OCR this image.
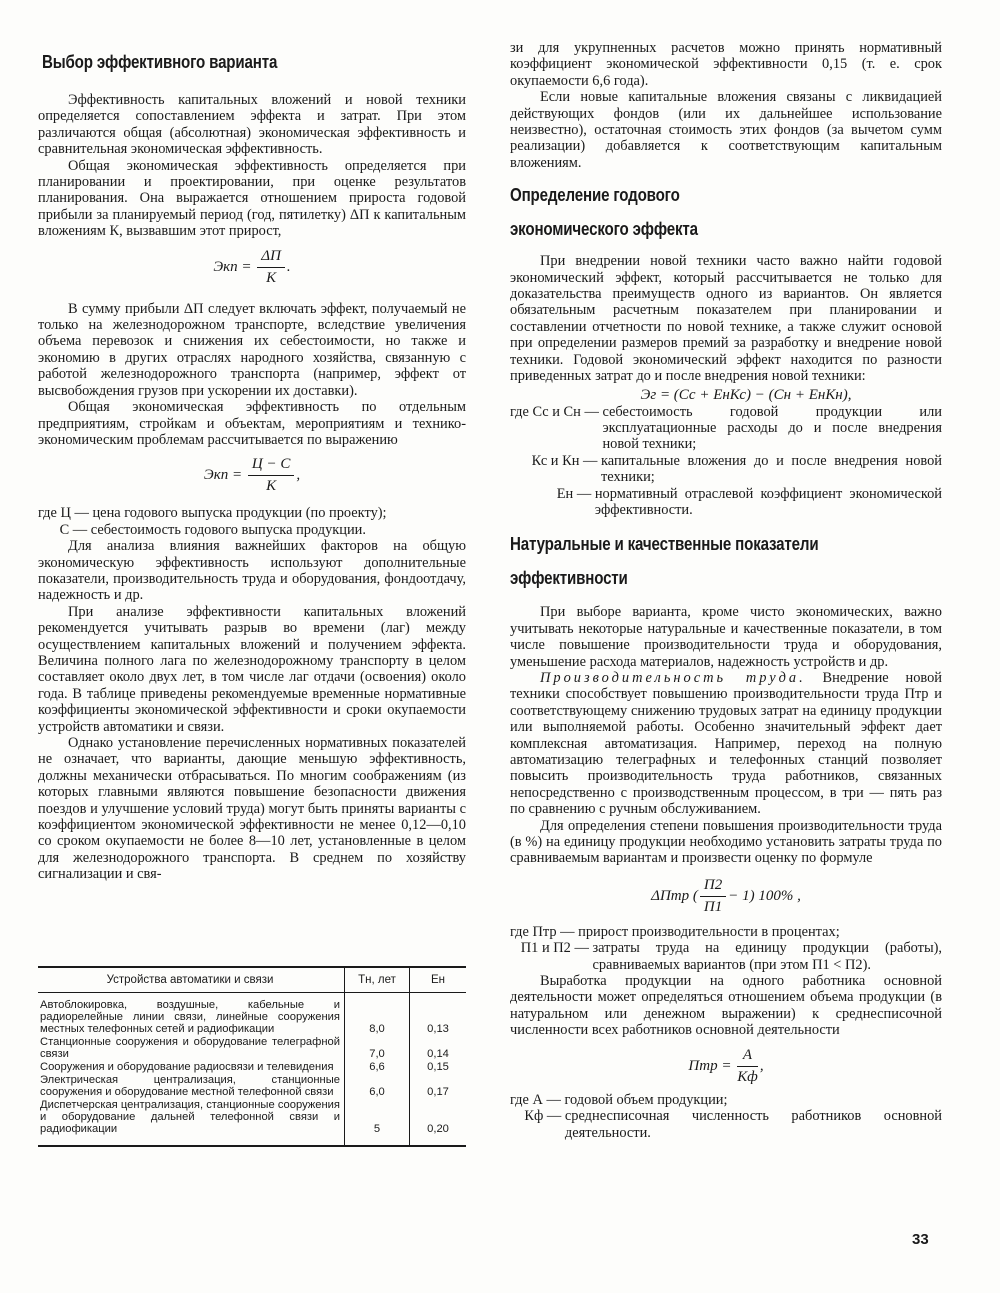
Выбор эффективного варианта

Эффективность капитальных вложений и новой техники определяется сопоставлением эффекта и затрат. При этом различаются общая (абсолютная) экономическая эффективность и сравнительная экономическая эффективность.

Общая экономическая эффективность определяется при планировании и проектировании, при оценке результатов планирования. Она выражается отношением прироста годовой прибыли за планируемый период (год, пятилетку) ΔП к капитальным вложениям К, вызвавшим этот прирост,

Экп = $\frac{\Delta П}{К}$ .

В сумму прибыли ΔП следует включать эффект, получаемый не только на железнодорожном транспорте, вследствие увеличения объема перевозок и снижения их себестоимости, но также и экономию в других отраслях народного хозяйства, связанную с работой железнодорожного транспорта (например, эффект от высвобождения грузов при ускорении их доставки).

Общая экономическая эффективность по отдельным предприятиям, стройкам и объектам, мероприятиям и технико-экономическим проблемам рассчитывается по выражению

Экп = $\frac{Ц - С}{К}$ ,
где Ц — цена годового выпуска продукции (по проекту);
С — себестоимость годового выпуска продукции.

Для анализа влияния важнейших факторов на общую экономическую эффективность используют дополнительные показатели, производительность труда и оборудования, фондоотдачу, надежность и др.

При анализе эффективности капитальных вложений рекомендуется учитывать разрыв во времени (лаг) между осуществлением капитальных вложений и получением эффекта. Величина полного лага по железнодорожному транспорту в целом составляет около двух лет, в том числе лаг отдачи (освоения) около года. В таблице приведены рекомендуемые временные нормативные коэффициенты экономической эффективности и сроки окупаемости устройств автоматики и связи.

Однако установление перечисленных нормативных показателей не означает, что варианты, дающие меньшую эффективность, должны механически отбрасываться. По многим соображениям (из которых главными являются повышение безопасности движения поездов и улучшение условий труда) могут быть приняты варианты с коэффициентом экономической эффективности не менее 0,12—0,10 со сроком окупаемости не более 8—10 лет, установленные в целом для железнодорожного транспорта. В среднем по хозяйству сигнализации и свя-

Устройства автоматики и связи	Тн, лет	Ен
Автоблокировка, воздушные, кабельные и радиорелейные линии связи, линейные сооружения местных телефонных сетей и радиофикации	8,0	0,13
Станционные сооружения и оборудование телеграфной связи	7,0	0,14
Сооружения и оборудование радиосвязи и телевидения	6,6	0,15
Электрическая централизация, станционные сооружения и оборудование местной телефонной связи	6,0	0,17
Диспетчерская централизация, станционные сооружения и оборудование дальней телефонной связи и радиофикации	5	0,20

зи для укрупненных расчетов можно принять нормативный коэффициент экономической эффективности 0,15 (т. е. срок окупаемости 6,6 года).

Если новые капитальные вложения связаны с ликвидацией действующих фондов (или их дальнейшее использование неизвестно), остаточная стоимость этих фондов (за вычетом сумм реализации) добавляется к соответствующим капитальным вложениям.

Определение годового
экономического эффекта

При внедрении новой техники часто важно найти годовой экономический эффект, который рассчитывается не только для доказательства преимуществ одного из вариантов. Он является обязательным расчетным показателем при планировании и составлении отчетности по новой технике, а также служит основой при определении размеров премий за разработку и внедрение новой техники. Годовой экономический эффект находится по разности приведенных затрат до и после внедрения новой техники:

Эг = (Сс + ЕнКс) − (Сн + ЕнКн),
где Сс и Сн — себестоимость годовой продукции или эксплуатационные расходы до и после внедрения новой техники;
Кс и Кн — капитальные вложения до и после внедрения новой техники;
Ен — нормативный отраслевой коэффициент экономической эффективности.
Натуральные и качественные показатели
эффективности

При выборе варианта, кроме чисто экономических, важно учитывать некоторые натуральные и качественные показатели, в том числе повышение производительности труда и оборудования, уменьшение расхода материалов, надежность устройств и др.

Производительность труда. Внедрение новой техники способствует повышению производительности труда Птр и соответствующему снижению трудовых затрат на единицу продукции или выполняемой работы. Особенно значительный эффект дает комплексная автоматизация. Например, переход на полную автоматизацию телеграфных и телефонных станций позволяет повысить производительность труда работников, связанных непосредственно с производственным процессом, в три — пять раз по сравнению с ручным обслуживанием.

Для определения степени повышения производительности труда (в %) на единицу продукции необходимо установить затраты труда по сравниваемым вариантам и произвести оценку по формуле

ΔПтр ( $\frac{П2}{П1} - 1$) 100% ,
где Птр — прирост производительности в процентах;
П1 и П2 — затраты труда на единицу продукции (работы), сравниваемых вариантов (при этом П1 < П2).

Выработка продукции на одного работника основной деятельности может определяться отношением объема продукции (в натуральном или денежном выражении) к среднесписочной численности всех работников основной деятельности

Птр = $\frac{А}{Кф}$ ,
где А — годовой объем продукции;
Кф — среднесписочная численность работников основной деятельности.
33
